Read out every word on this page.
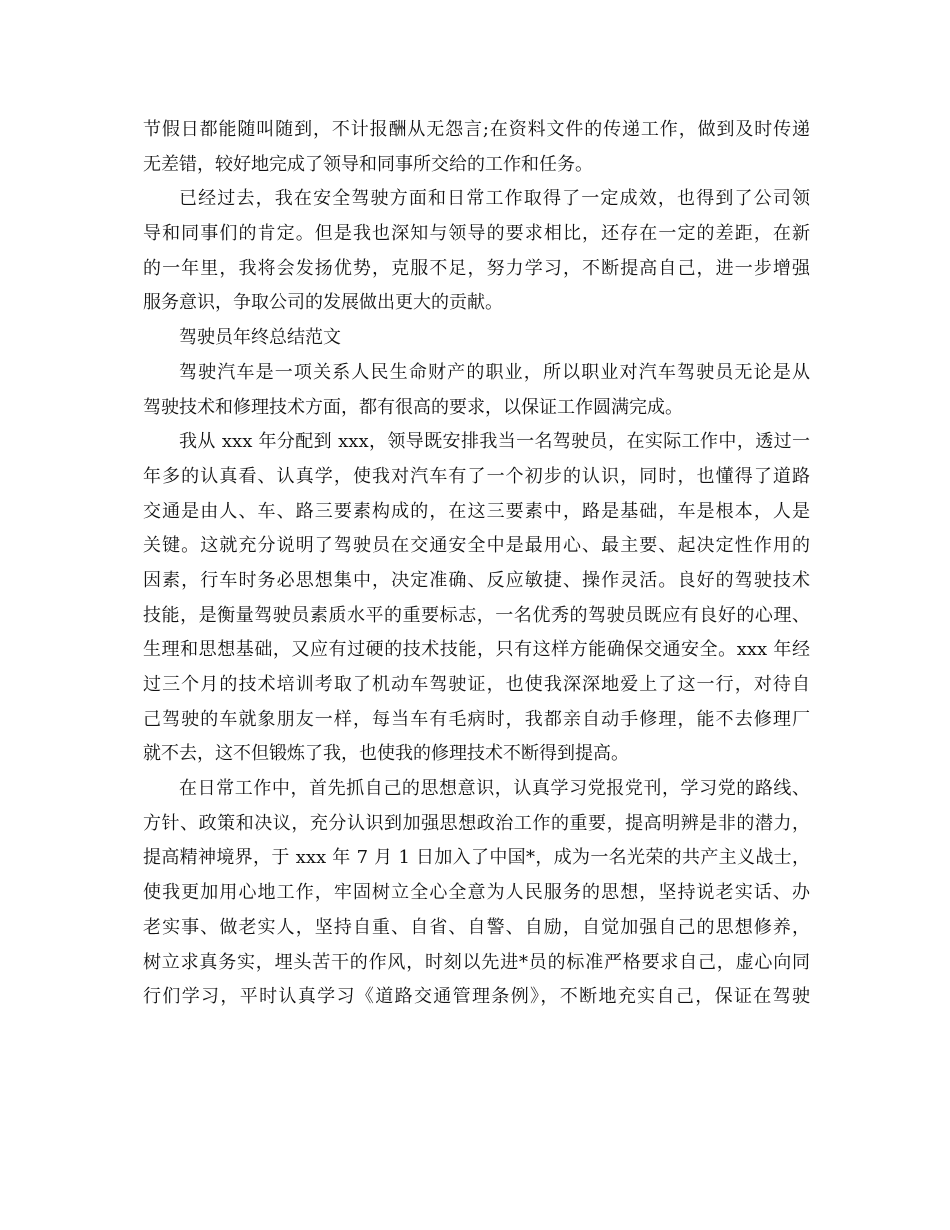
节假日都能随叫随到，不计报酬从无怨言;在资料文件的传递工作，做到及时传递
无差错，较好地完成了领导和同事所交给的工作和任务。
已经过去，我在安全驾驶方面和日常工作取得了一定成效，也得到了公司领
导和同事们的肯定。但是我也深知与领导的要求相比，还存在一定的差距，在新
的一年里，我将会发扬优势，克服不足，努力学习，不断提高自己，进一步增强
服务意识，争取公司的发展做出更大的贡献。
驾驶员年终总结范文
驾驶汽车是一项关系人民生命财产的职业，所以职业对汽车驾驶员无论是从
驾驶技术和修理技术方面，都有很高的要求，以保证工作圆满完成。
我从 xxx 年分配到 xxx，领导既安排我当一名驾驶员，在实际工作中，透过一
年多的认真看、认真学，使我对汽车有了一个初步的认识，同时，也懂得了道路
交通是由人、车、路三要素构成的，在这三要素中，路是基础，车是根本，人是
关键。这就充分说明了驾驶员在交通安全中是最用心、最主要、起决定性作用的
因素，行车时务必思想集中，决定准确、反应敏捷、操作灵活。良好的驾驶技术
技能，是衡量驾驶员素质水平的重要标志，一名优秀的驾驶员既应有良好的心理、
生理和思想基础，又应有过硬的技术技能，只有这样方能确保交通安全。xxx 年经
过三个月的技术培训考取了机动车驾驶证，也使我深深地爱上了这一行，对待自
己驾驶的车就象朋友一样，每当车有毛病时，我都亲自动手修理，能不去修理厂
就不去，这不但锻炼了我，也使我的修理技术不断得到提高。
在日常工作中，首先抓自己的思想意识，认真学习党报党刊，学习党的路线、
方针、政策和决议，充分认识到加强思想政治工作的重要，提高明辨是非的潜力，
提高精神境界，于 xxx 年 7 月 1 日加入了中国*，成为一名光荣的共产主义战士，
使我更加用心地工作，牢固树立全心全意为人民服务的思想，坚持说老实话、办
老实事、做老实人，坚持自重、自省、自警、自励，自觉加强自己的思想修养，
树立求真务实，埋头苦干的作风，时刻以先进*员的标准严格要求自己，虚心向同
行们学习，平时认真学习《道路交通管理条例》，不断地充实自己，保证在驾驶
